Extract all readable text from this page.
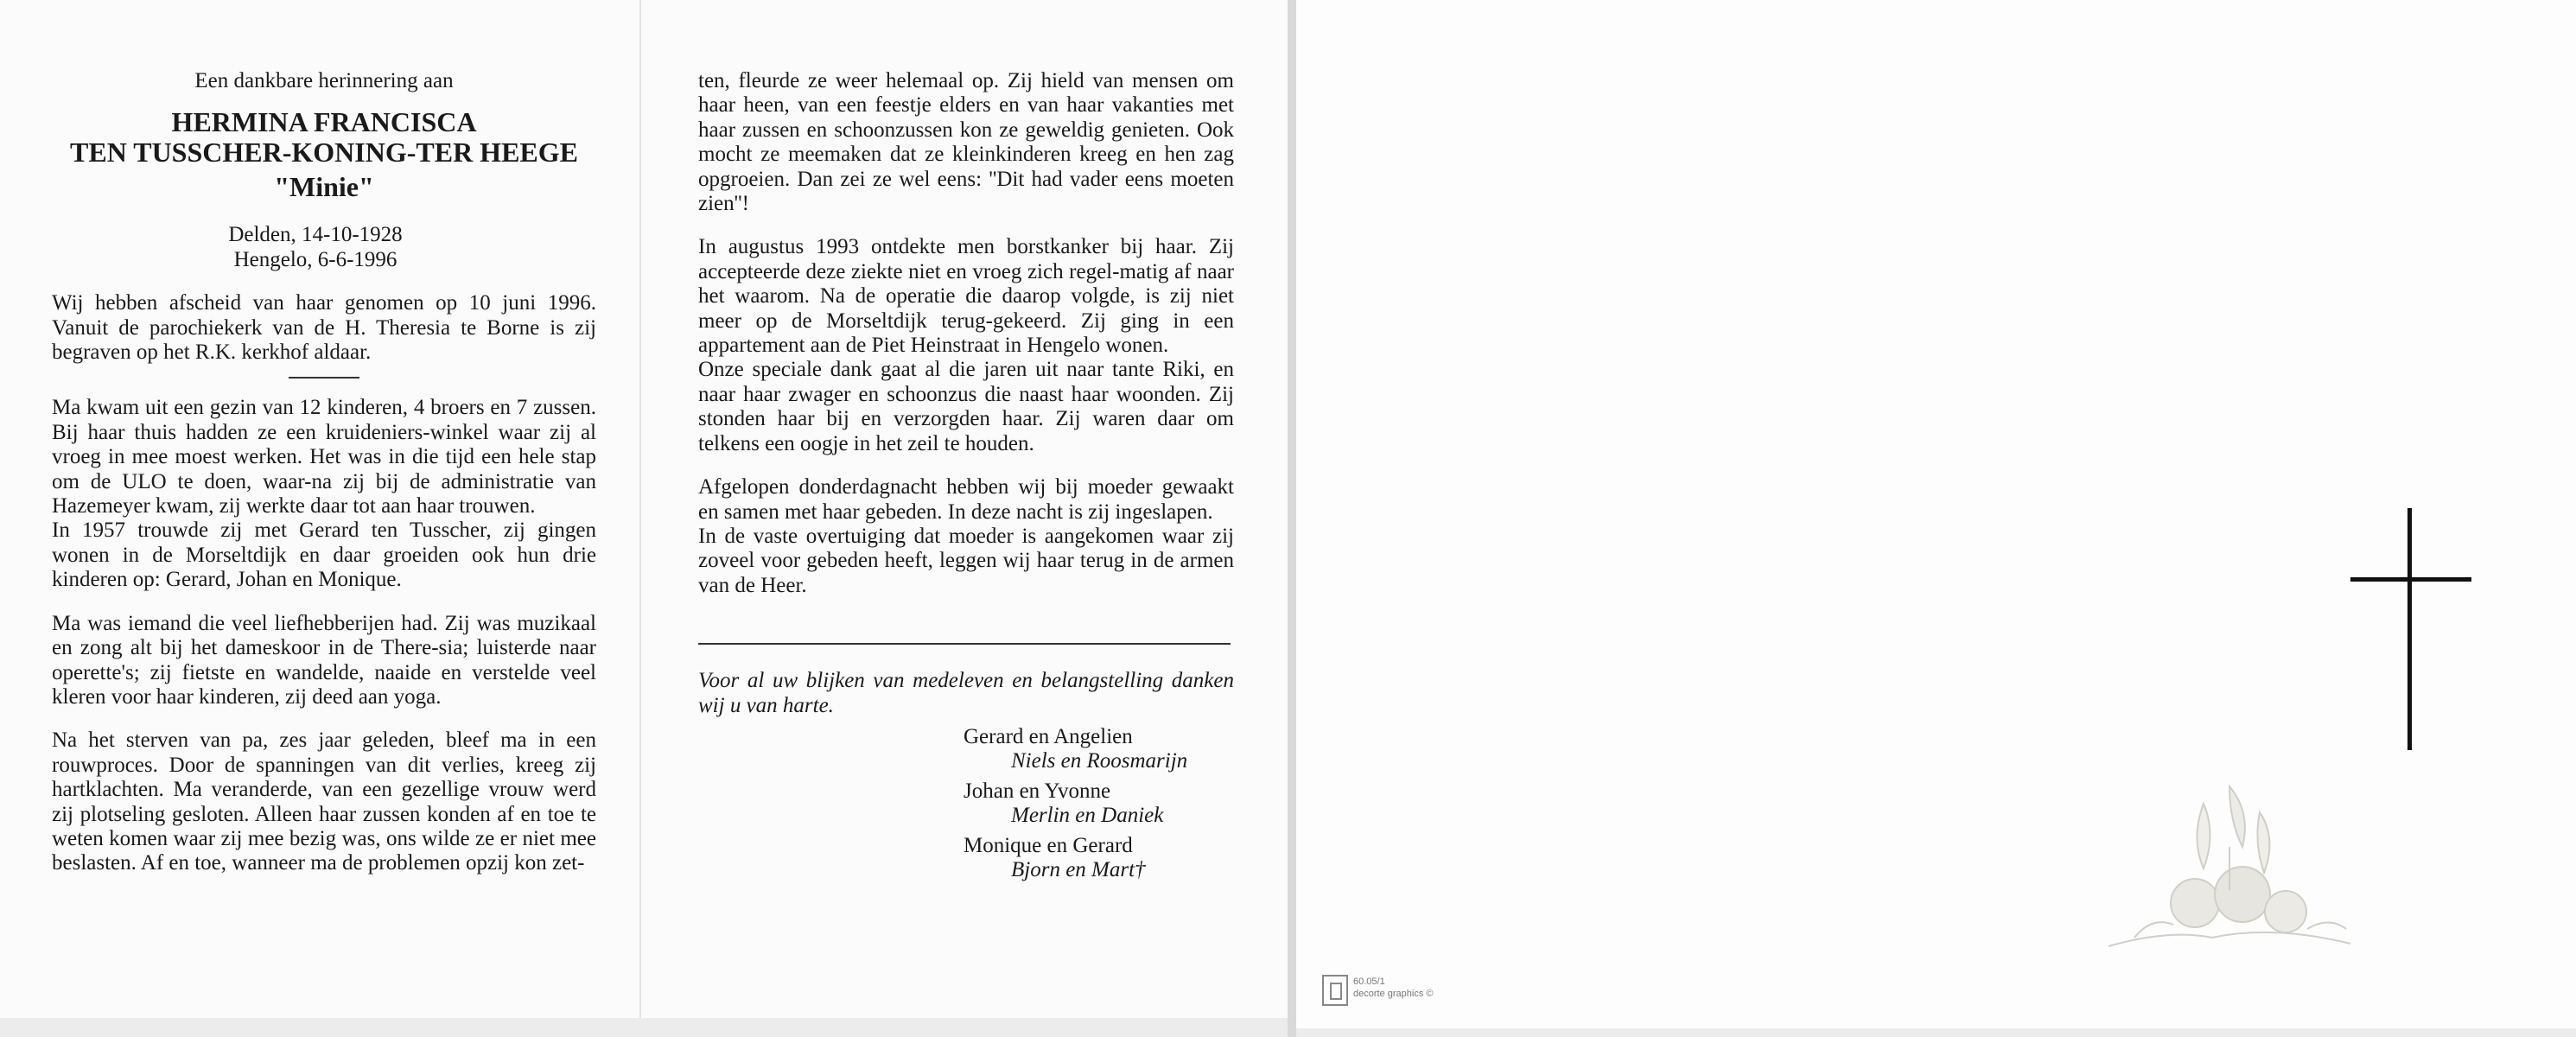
Een dankbare herinnering aan

HERMINA FRANCISCA
TEN TUSSCHER-KONING-TER HEEGE
"Minie"
Delden, 14-10-1928
Hengelo, 6-6-1996

Wij hebben afscheid van haar genomen op 10 juni 1996. Vanuit de parochiekerk van de H. Theresia te Borne is zij begraven op het R.K. kerkhof aldaar.

Ma kwam uit een gezin van 12 kinderen, 4 broers en 7 zussen. Bij haar thuis hadden ze een kruideniers-winkel waar zij al vroeg in mee moest werken. Het was in die tijd een hele stap om de ULO te doen, waar-na zij bij de administratie van Hazemeyer kwam, zij werkte daar tot aan haar trouwen.

In 1957 trouwde zij met Gerard ten Tusscher, zij gingen wonen in de Morseltdijk en daar groeiden ook hun drie kinderen op: Gerard, Johan en Monique.

Ma was iemand die veel liefhebberijen had. Zij was muzikaal en zong alt bij het dameskoor in de There-sia; luisterde naar operette's; zij fietste en wandelde, naaide en verstelde veel kleren voor haar kinderen, zij deed aan yoga.

Na het sterven van pa, zes jaar geleden, bleef ma in een rouwproces. Door de spanningen van dit verlies, kreeg zij hartklachten. Ma veranderde, van een gezellige vrouw werd zij plotseling gesloten. Alleen haar zussen konden af en toe te weten komen waar zij mee bezig was, ons wilde ze er niet mee beslasten. Af en toe, wanneer ma de problemen opzij kon zet-

ten, fleurde ze weer helemaal op. Zij hield van mensen om haar heen, van een feestje elders en van haar vakanties met haar zussen en schoonzussen kon ze geweldig genieten. Ook mocht ze meemaken dat ze kleinkinderen kreeg en hen zag opgroeien. Dan zei ze wel eens: ''Dit had vader eens moeten zien''!

In augustus 1993 ontdekte men borstkanker bij haar. Zij accepteerde deze ziekte niet en vroeg zich regel-matig af naar het waarom. Na de operatie die daarop volgde, is zij niet meer op de Morseltdijk terug-gekeerd. Zij ging in een appartement aan de Piet Heinstraat in Hengelo wonen.

Onze speciale dank gaat al die jaren uit naar tante Riki, en naar haar zwager en schoonzus die naast haar woonden. Zij stonden haar bij en verzorgden haar. Zij waren daar om telkens een oogje in het zeil te houden.

Afgelopen donderdagnacht hebben wij bij moeder gewaakt en samen met haar gebeden. In deze nacht is zij ingeslapen.

In de vaste overtuiging dat moeder is aangekomen waar zij zoveel voor gebeden heeft, leggen wij haar terug in de armen van de Heer.

Voor al uw blijken van medeleven en belangstelling danken wij u van harte.

Gerard en Angelien
Niels en Roosmarijn
Johan en Yvonne
Merlin en Daniek
Monique en Gerard
Bjorn en Mart†
60.05/1
decorte graphics ©
